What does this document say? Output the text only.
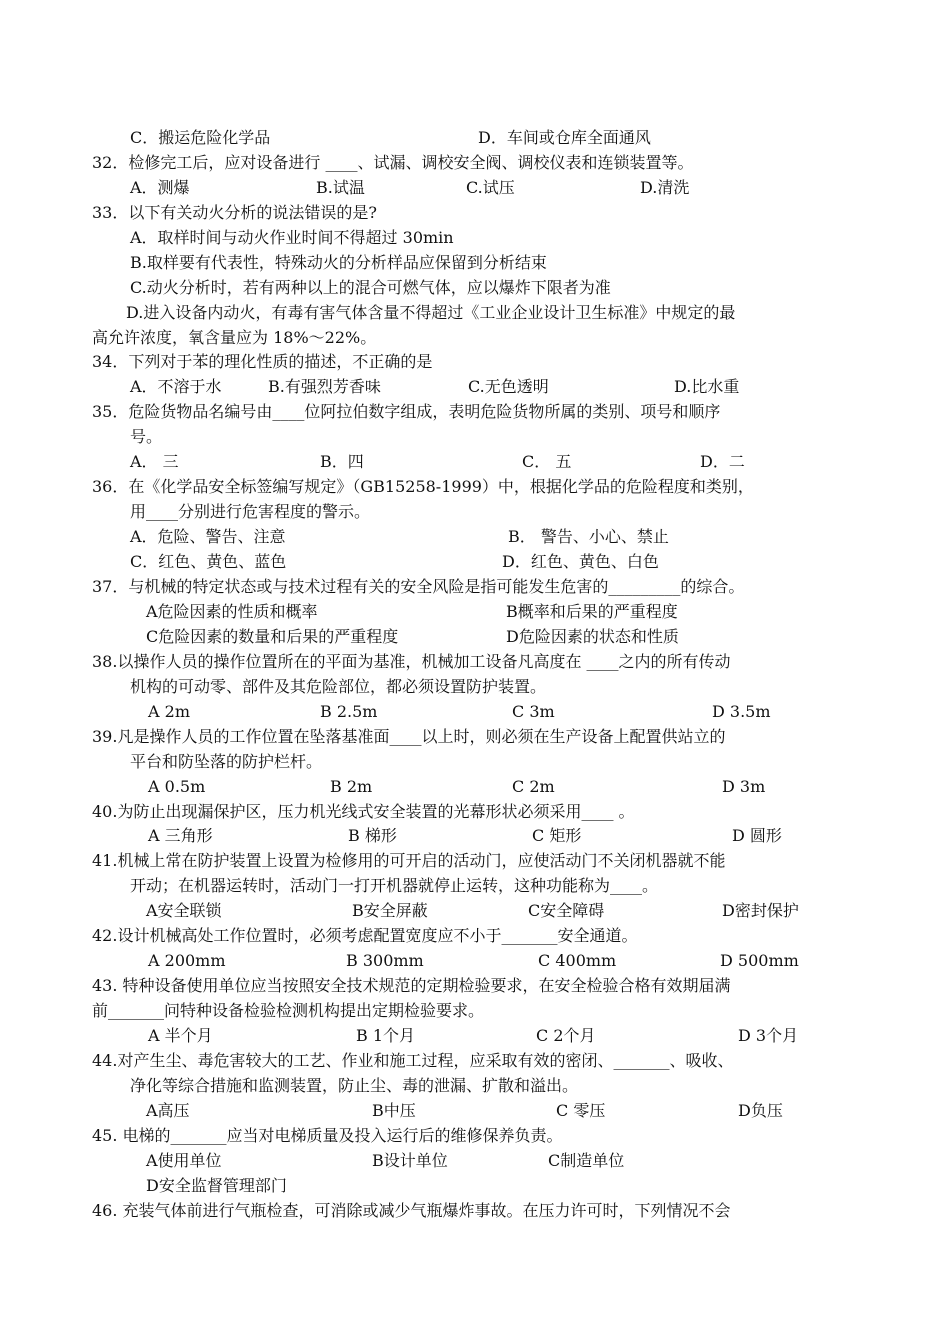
C．搬运危险化学品	D．车间或仓库全面通风
32．检修完工后，应对设备进行 ____、试漏、调校安全阀、调校仪表和连锁装置等。
A．测爆	B.试温	C.试压	D.清洗
33．以下有关动火分析的说法错误的是?
A．取样时间与动火作业时间不得超过 30min
B.取样要有代表性，特殊动火的分析样品应保留到分析结束
C.动火分析时，若有两种以上的混合可燃气体，应以爆炸下限者为准
D.进入设备内动火，有毒有害气体含量不得超过《工业企业设计卫生标准》中规定的最
高允许浓度，氧含量应为 18%～22%。
34．下列对于苯的理化性质的描述，不正确的是
A．不溶于水	B.有强烈芳香味	C.无色透明	D.比水重
35．危险货物品名编号由____位阿拉伯数字组成，表明危险货物所属的类别、项号和顺序
号。
A． 三	B．四	C． 五	D．二
36．在《化学品安全标签编写规定》（GB15258-1999）中，根据化学品的危险程度和类别，
用____分别进行危害程度的警示。
A．危险、警告、注意	B． 警告、小心、禁止
C．红色、黄色、蓝色	D．红色、黄色、白色
37．与机械的特定状态或与技术过程有关的安全风险是指可能发生危害的_________的综合。
A危险因素的性质和概率	B概率和后果的严重程度
C危险因素的数量和后果的严重程度	D危险因素的状态和性质
38.以操作人员的操作位置所在的平面为基准，机械加工设备凡高度在 ____之内的所有传动
机构的可动零、部件及其危险部位，都必须设置防护装置。
A 2m	B 2.5m	C 3m	D 3.5m
39.凡是操作人员的工作位置在坠落基准面____以上时，则必须在生产设备上配置供站立的
平台和防坠落的防护栏杆。
A 0.5m	B 2m	C 2m	D 3m
40.为防止出现漏保护区，压力机光线式安全装置的光幕形状必须采用____ 。
A 三角形	B 梯形	C 矩形	D 圆形
41.机械上常在防护装置上设置为检修用的可开启的活动门，应使活动门不关闭机器就不能
开动；在机器运转时，活动门一打开机器就停止运转，这种功能称为____。
A安全联锁	B安全屏蔽	C安全障碍	D密封保护
42.设计机械高处工作位置时，必须考虑配置宽度应不小于_______安全通道。
A 200mm	B 300mm	C 400mm	D 500mm
43. 特种设备使用单位应当按照安全技术规范的定期检验要求，在安全检验合格有效期届满
前_______问特种设备检验检测机构提出定期检验要求。
A 半个月	B 1个月	C 2个月	D 3个月
44.对产生尘、毒危害较大的工艺、作业和施工过程，应采取有效的密闭、_______、吸收、
净化等综合措施和监测装置，防止尘、毒的泄漏、扩散和溢出。
A高压	B中压	C 零压	D负压
45. 电梯的_______应当对电梯质量及投入运行后的维修保养负责。
A使用单位	B设计单位	C制造单位
D安全监督管理部门
46. 充装气体前进行气瓶检查，可消除或减少气瓶爆炸事故。在压力许可时，下列情况不会
